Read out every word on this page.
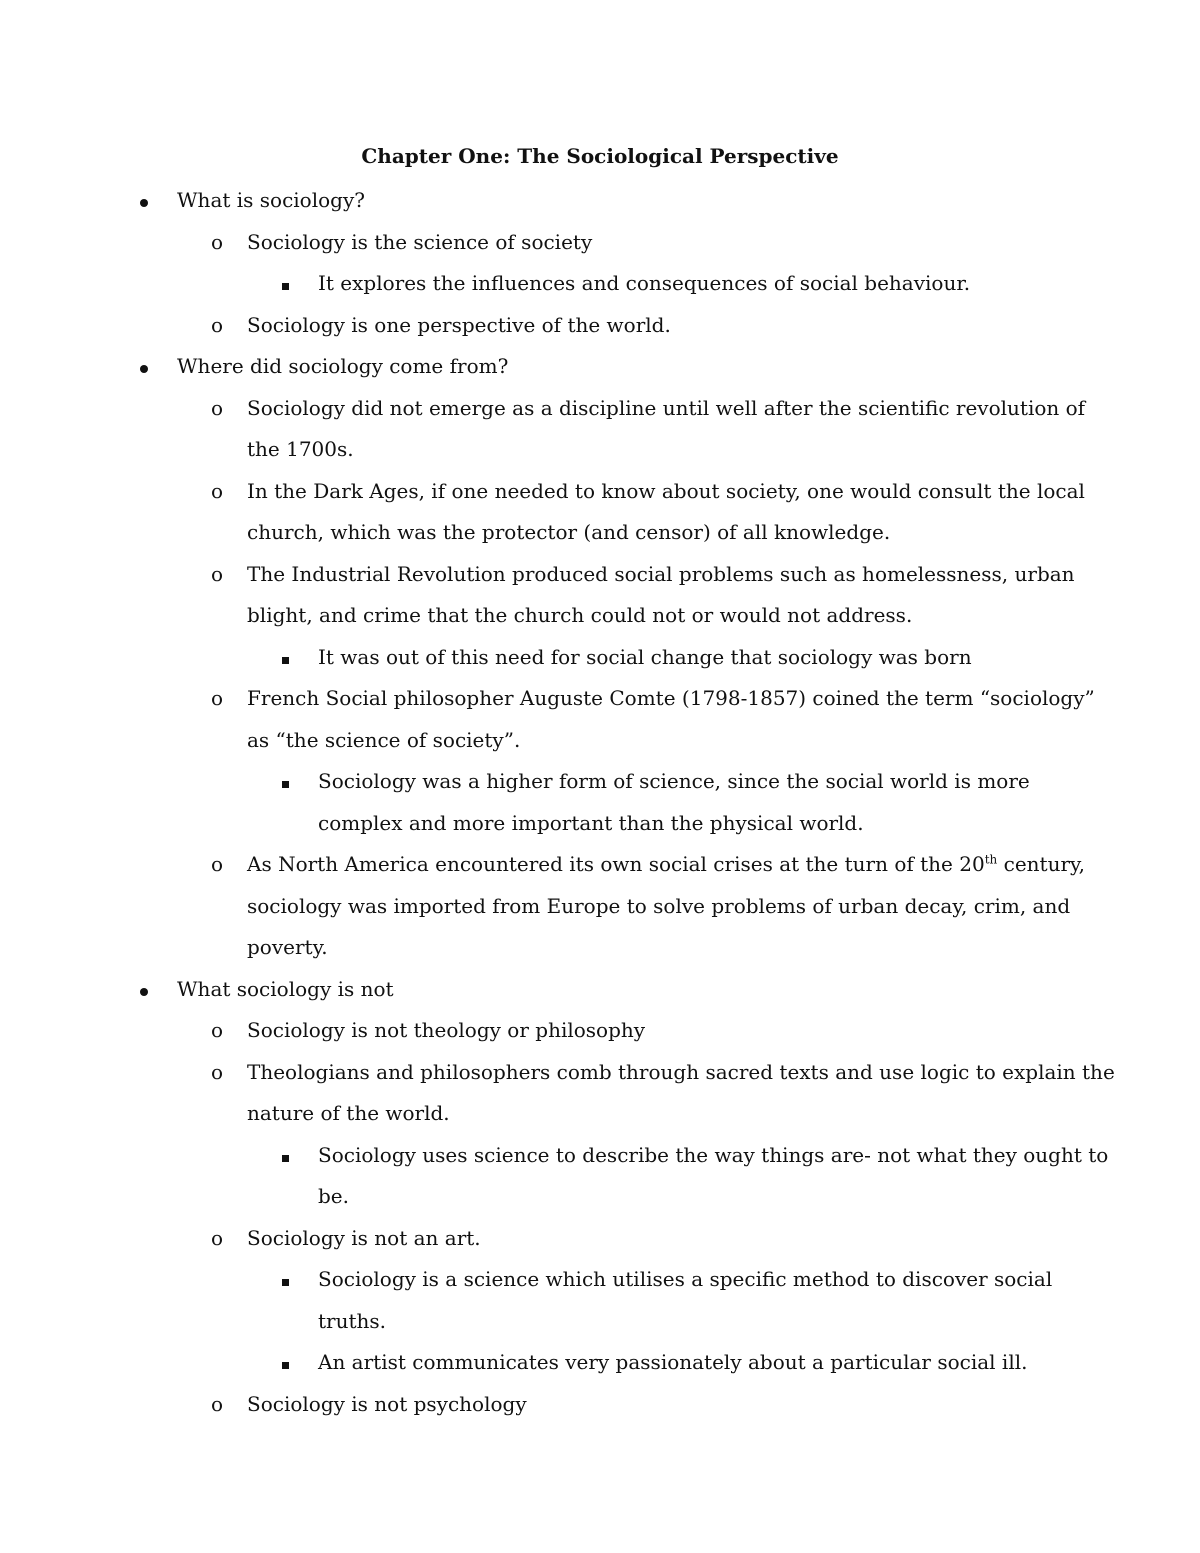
Chapter One: The Sociological Perspective
What is sociology?
o Sociology is the science of society
It explores the influences and consequences of social behaviour.
o Sociology is one perspective of the world.
Where did sociology come from?
o Sociology did not emerge as a discipline until well after the scientific revolution of
the 1700s.
o In the Dark Ages, if one needed to know about society, one would consult the local
church, which was the protector (and censor) of all knowledge.
o The Industrial Revolution produced social problems such as homelessness, urban
blight, and crime that the church could not or would not address.
It was out of this need for social change that sociology was born
o French Social philosopher Auguste Comte (1798-1857) coined the term “sociology”
as “the science of society”.
Sociology was a higher form of science, since the social world is more
complex and more important than the physical world.
o As North America encountered its own social crises at the turn of the 20th century,
sociology was imported from Europe to solve problems of urban decay, crim, and
poverty.
What sociology is not
o Sociology is not theology or philosophy
o Theologians and philosophers comb through sacred texts and use logic to explain the
nature of the world.
Sociology uses science to describe the way things are- not what they ought to
be.
o Sociology is not an art.
Sociology is a science which utilises a specific method to discover social
truths.
An artist communicates very passionately about a particular social ill.
o Sociology is not psychology
